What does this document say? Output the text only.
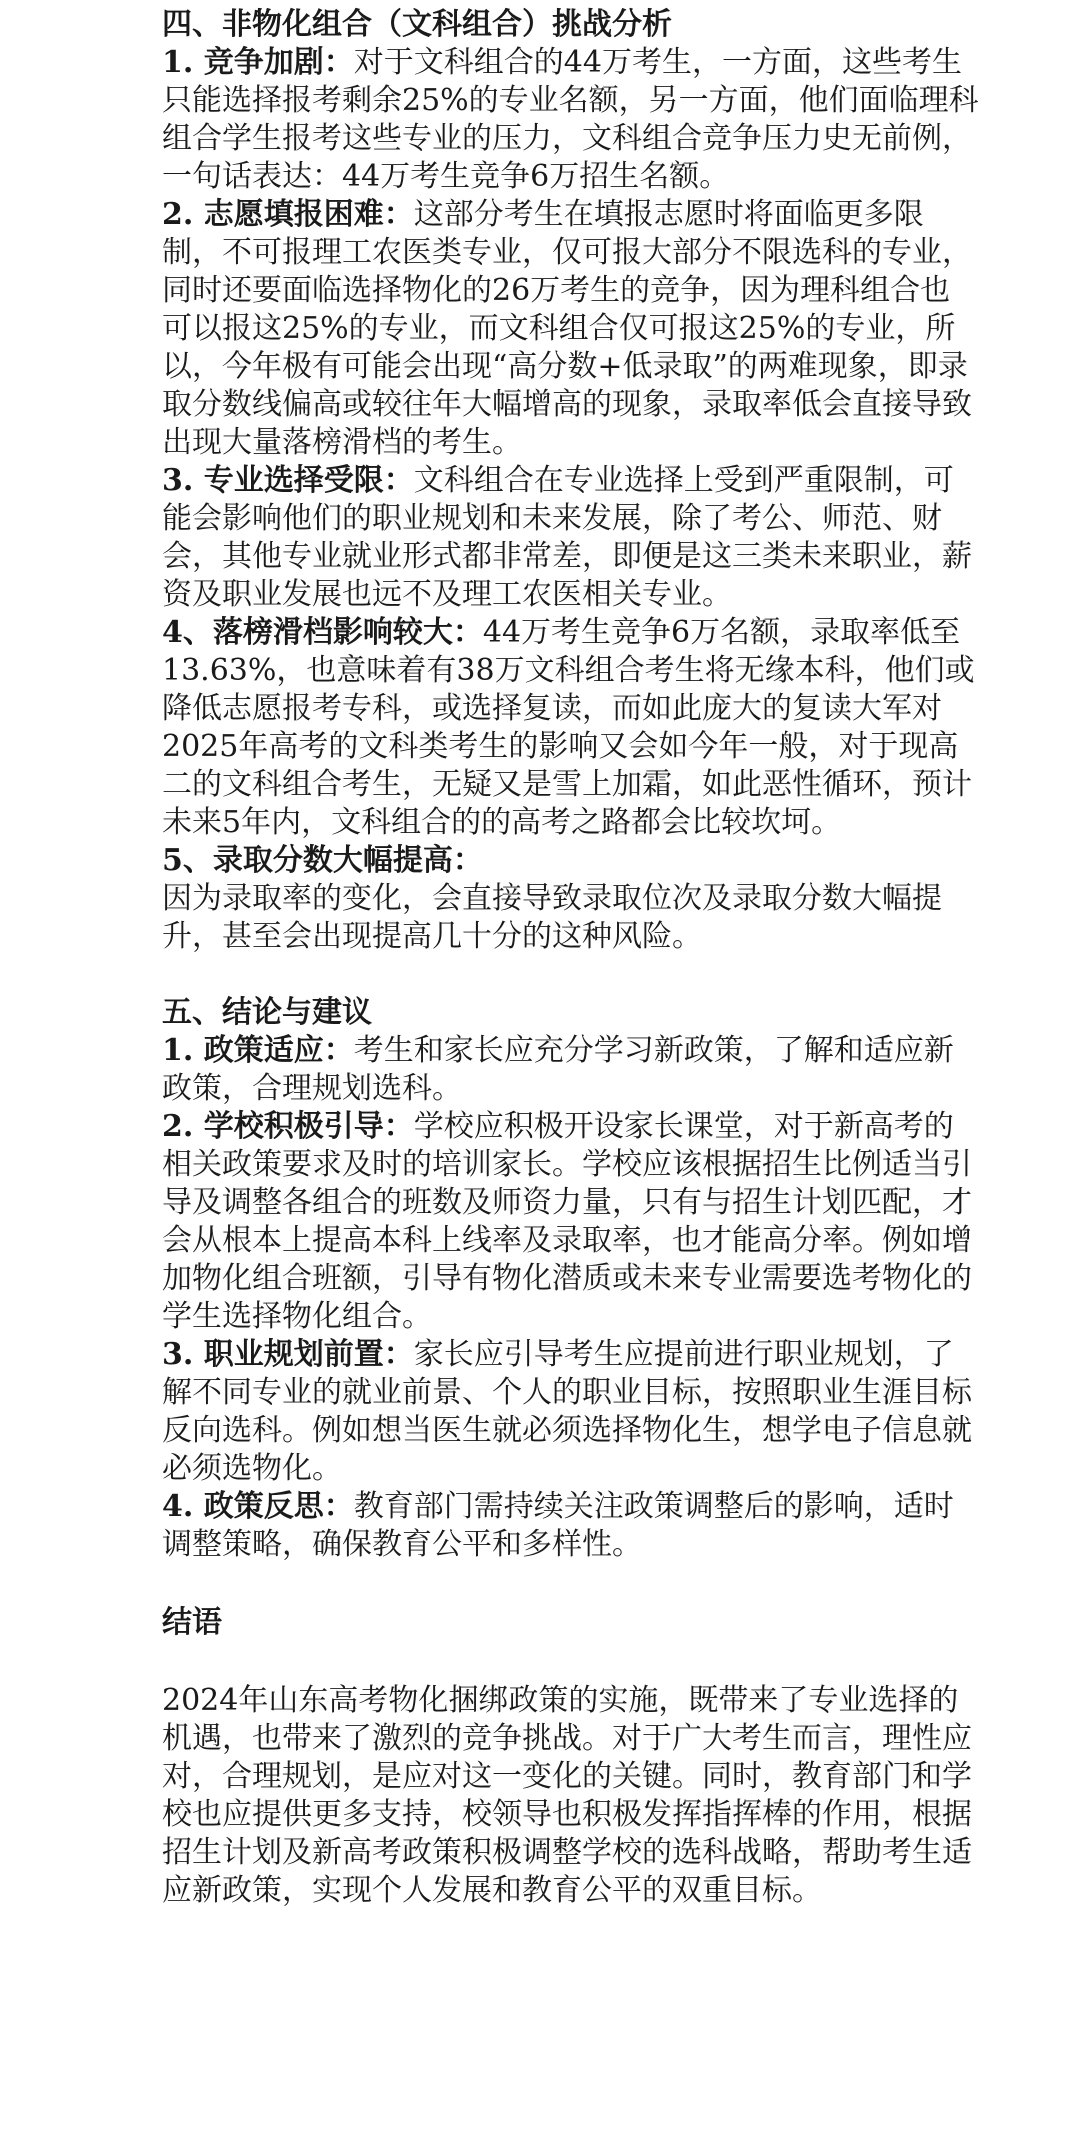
四、非物化组合（文科组合）挑战分析

1. 竞争加剧：对于文科组合的44万考生，一方面，这些考生只能选择报考剩余25%的专业名额，另一方面，他们面临理科组合学生报考这些专业的压力，文科组合竞争压力史无前例，一句话表达：44万考生竞争6万招生名额。

2. 志愿填报困难：这部分考生在填报志愿时将面临更多限制，不可报理工农医类专业，仅可报大部分不限选科的专业，同时还要面临选择物化的26万考生的竞争，因为理科组合也可以报这25%的专业，而文科组合仅可报这25%的专业，所以，今年极有可能会出现“高分数+低录取”的两难现象，即录取分数线偏高或较往年大幅增高的现象，录取率低会直接导致出现大量落榜滑档的考生。

3. 专业选择受限：文科组合在专业选择上受到严重限制，可能会影响他们的职业规划和未来发展，除了考公、师范、财会，其他专业就业形式都非常差，即便是这三类未来职业，薪资及职业发展也远不及理工农医相关专业。

4、落榜滑档影响较大：44万考生竞争6万名额，录取率低至13.63%，也意味着有38万文科组合考生将无缘本科，他们或降低志愿报考专科，或选择复读，而如此庞大的复读大军对2025年高考的文科类考生的影响又会如今年一般，对于现高二的文科组合考生，无疑又是雪上加霜，如此恶性循环，预计未来5年内，文科组合的的高考之路都会比较坎坷。

5、录取分数大幅提高：

因为录取率的变化，会直接导致录取位次及录取分数大幅提升，甚至会出现提高几十分的这种风险。

五、结论与建议

1. 政策适应：考生和家长应充分学习新政策，了解和适应新政策，合理规划选科。

2. 学校积极引导：学校应积极开设家长课堂，对于新高考的相关政策要求及时的培训家长。学校应该根据招生比例适当引导及调整各组合的班数及师资力量，只有与招生计划匹配，才会从根本上提高本科上线率及录取率，也才能高分率。例如增加物化组合班额，引导有物化潜质或未来专业需要选考物化的学生选择物化组合。

3. 职业规划前置：家长应引导考生应提前进行职业规划，了解不同专业的就业前景、个人的职业目标，按照职业生涯目标反向选科。例如想当医生就必须选择物化生，想学电子信息就必须选物化。

4. 政策反思：教育部门需持续关注政策调整后的影响，适时调整策略，确保教育公平和多样性。

结语

2024年山东高考物化捆绑政策的实施，既带来了专业选择的机遇，也带来了激烈的竞争挑战。对于广大考生而言，理性应对，合理规划，是应对这一变化的关键。同时，教育部门和学校也应提供更多支持，校领导也积极发挥指挥棒的作用，根据招生计划及新高考政策积极调整学校的选科战略，帮助考生适应新政策，实现个人发展和教育公平的双重目标。
